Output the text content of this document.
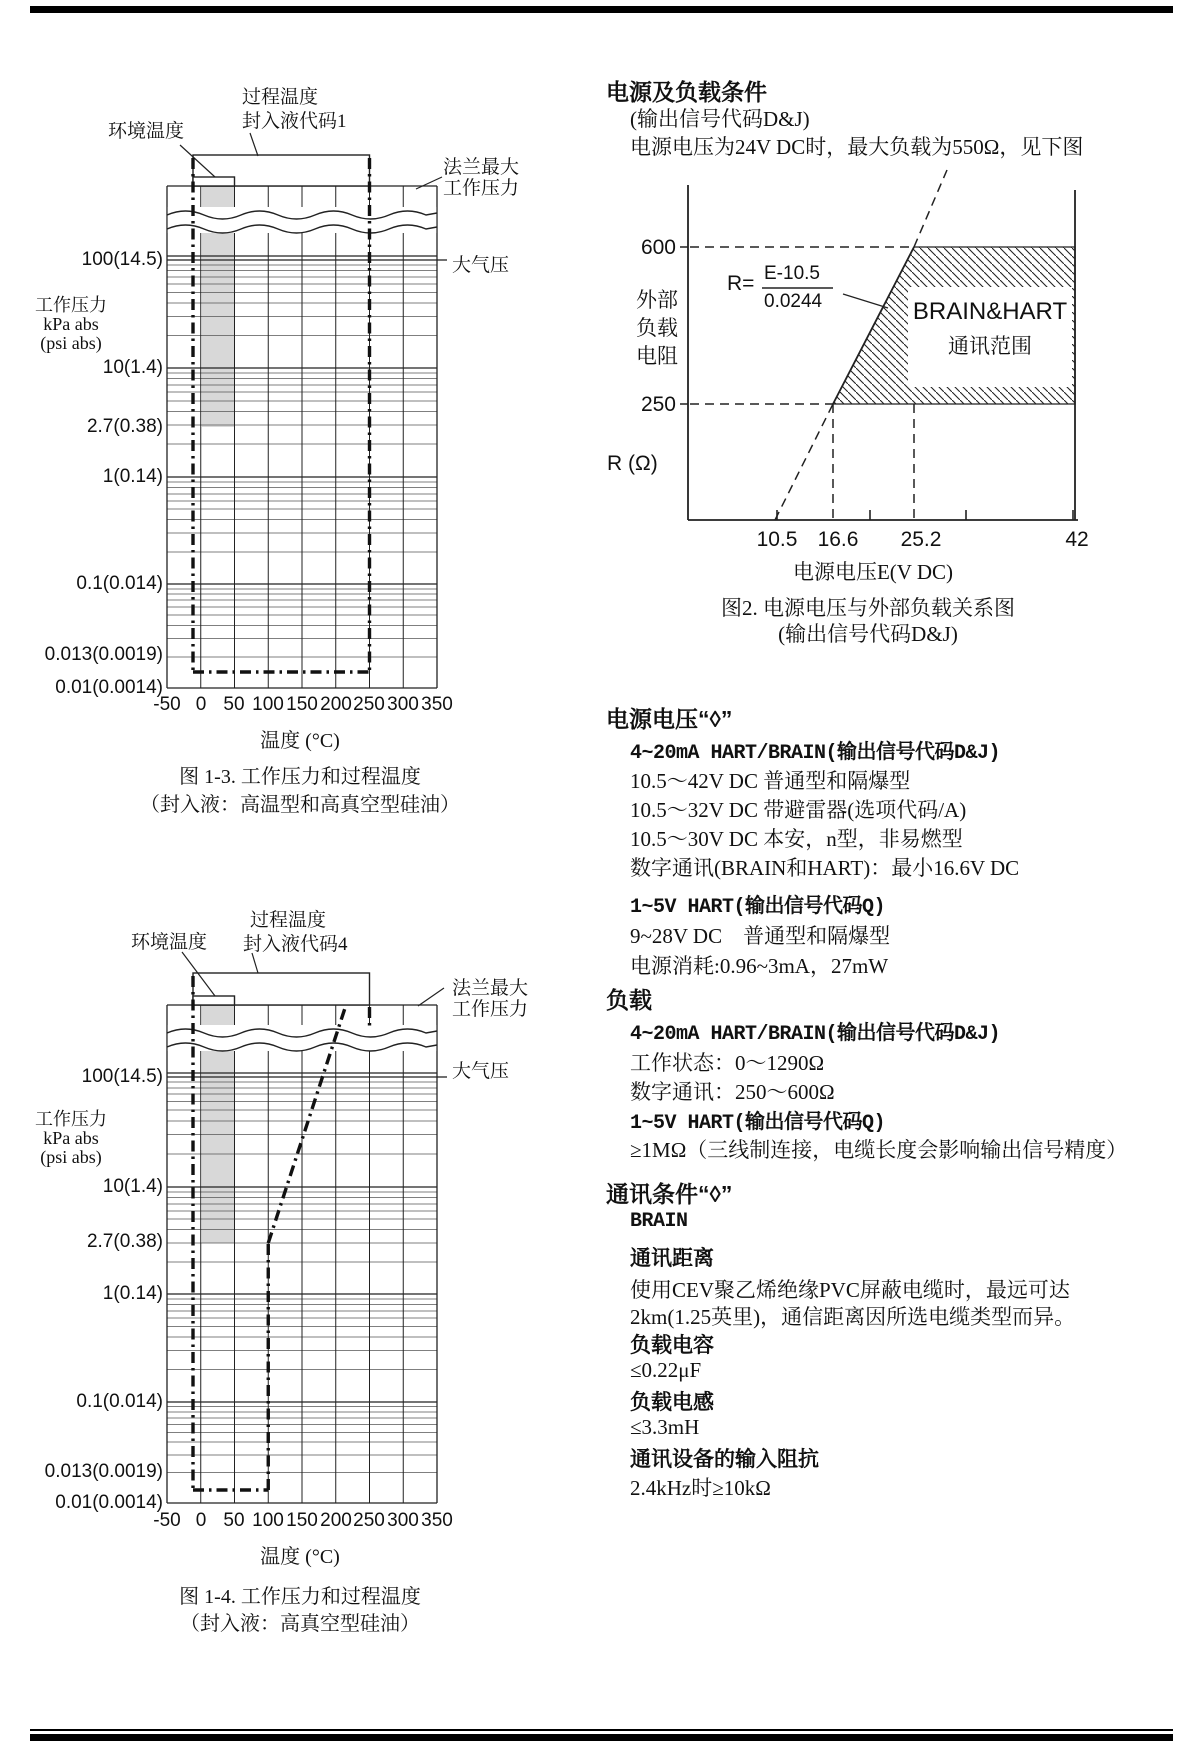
环境温度
过程温度
封入液代码1
法兰最大
工作压力
大气压
工作压力
kPa abs
(psi abs)
100(14.5)
10(1.4)
2.7(0.38)
1(0.14)
0.1(0.014)
0.013(0.0019)
0.01(0.0014)
-50 0 50 100 150 200 250 300 350
温度 (°C)
图 1-3. 工作压力和过程温度
（封入液：高温型和高真空型硅油）
环境温度
过程温度
封入液代码4
法兰最大
工作压力
大气压
工作压力
kPa abs
(psi abs)
100(14.5)
10(1.4)
2.7(0.38)
1(0.14)
0.1(0.014)
0.013(0.0019)
0.01(0.0014)
-50 0 50 100 150 200 250 300 350
温度 (°C)
图 1-4. 工作压力和过程温度
（封入液：高真空型硅油）
600
250
外部
负载
电阻
R (Ω)
R= E-10.5
0.0244	BRAIN&HART
通讯范围
10.5 16.6	25.2	42
电源电压E(V DC)
图2. 电源电压与外部负载关系图
(输出信号代码D&J)
电源及负载条件
(输出信号代码D&J)
电源电压为24V DC时，最大负载为550Ω，见下图
电源电压“◊”
4~20mA HART/BRAIN(输出信号代码D&J)
10.5～42V DC 普通型和隔爆型
10.5～32V DC 带避雷器(选项代码/A)
10.5～30V DC 本安，n型，非易燃型
数字通讯(BRAIN和HART)：最小16.6V DC
1~5V HART(输出信号代码Q)
9~28V DC　普通型和隔爆型
电源消耗:0.96~3mA，27mW
负载
4~20mA HART/BRAIN(输出信号代码D&J)
工作状态：0～1290Ω
数字通讯：250～600Ω
1~5V HART(输出信号代码Q)
≥1MΩ（三线制连接，电缆长度会影响输出信号精度）
通讯条件“◊”
BRAIN
通讯距离
使用CEV聚乙烯绝缘PVC屏蔽电缆时，最远可达
2km(1.25英里)，通信距离因所选电缆类型而异。
负载电容
≤0.22μF
负载电感
≤3.3mH
通讯设备的输入阻抗
2.4kHz时≥10kΩ
